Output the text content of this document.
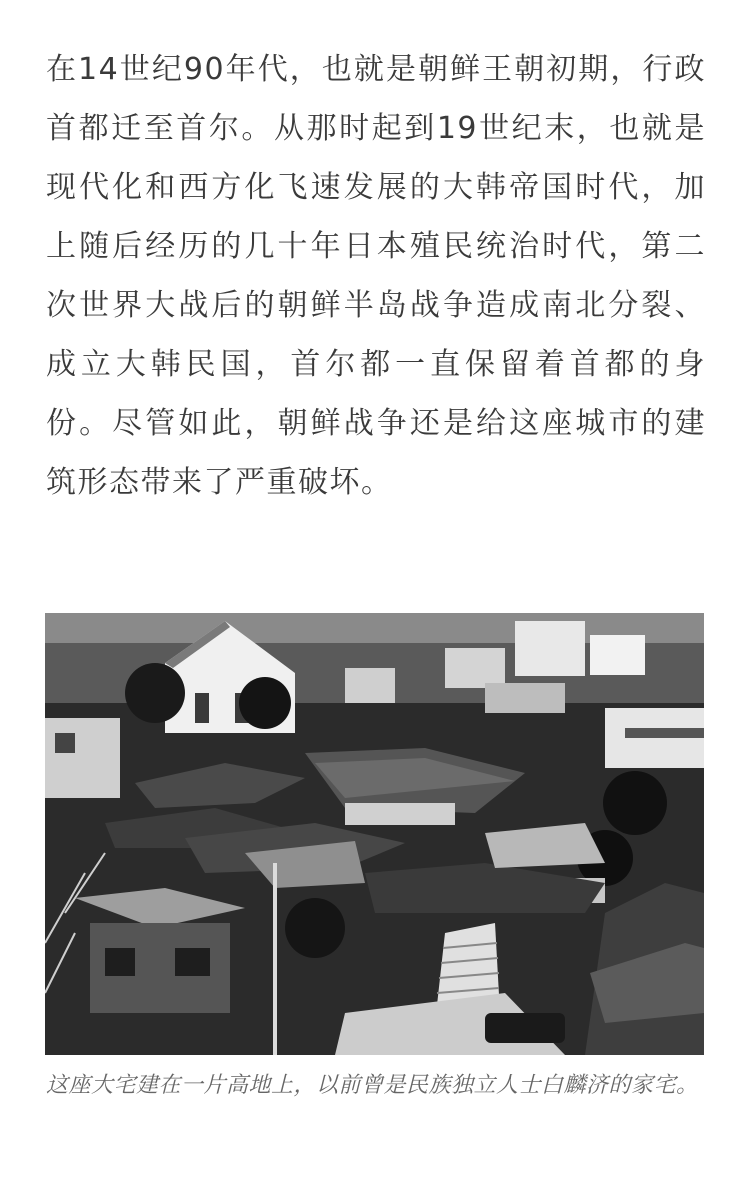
在14世纪90年代，也就是朝鲜王朝初期，行政首都迁至首尔。从那时起到19世纪末，也就是现代化和西方化飞速发展的大韩帝国时代，加上随后经历的几十年日本殖民统治时代，第二次世界大战后的朝鲜半岛战争造成南北分裂、成立大韩民国，首尔都一直保留着首都的身份。尽管如此，朝鲜战争还是给这座城市的建筑形态带来了严重破坏。

这座大宅建在一片高地上，以前曾是民族独立人士白麟济的家宅。
